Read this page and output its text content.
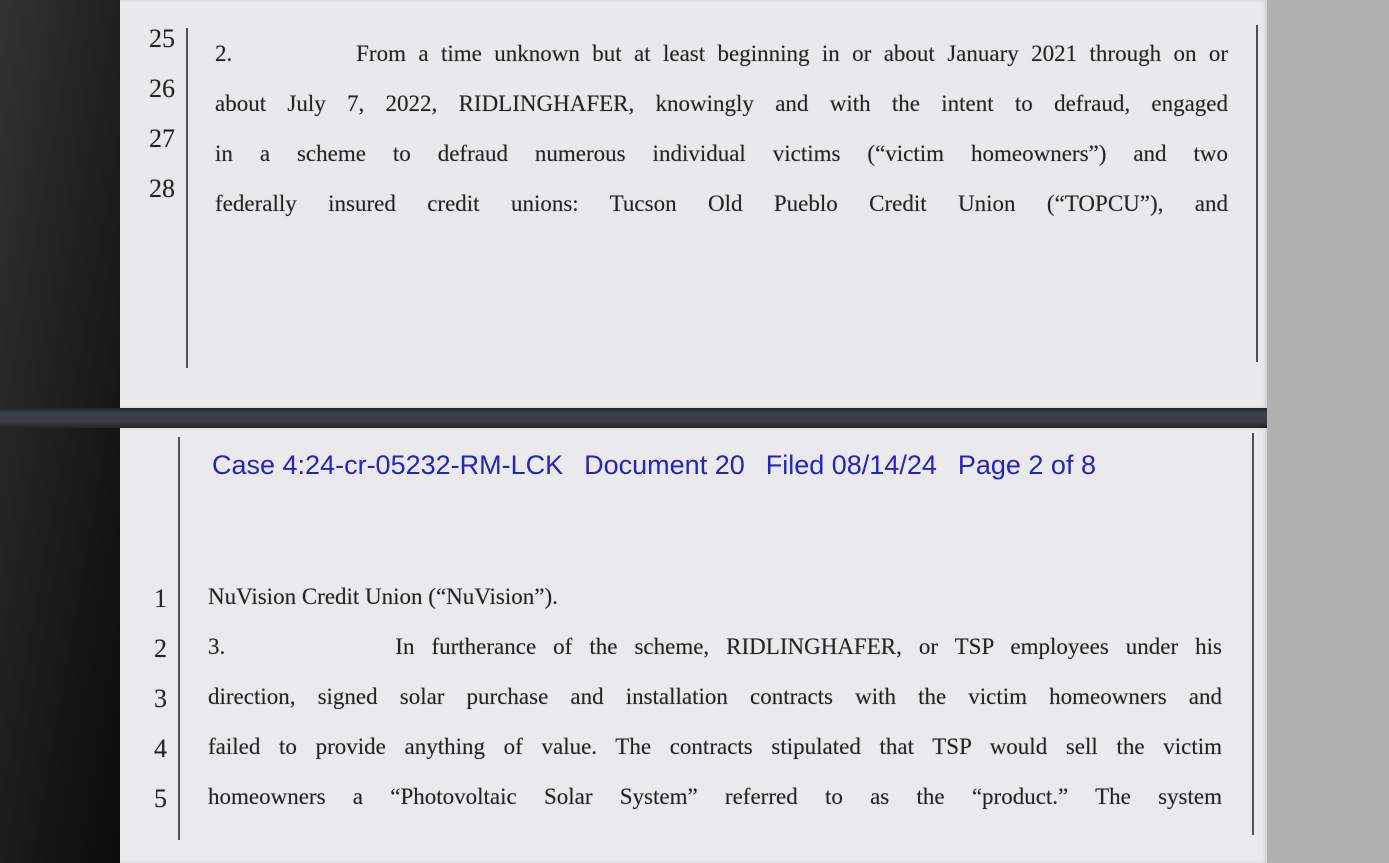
25
26
27
28
2.          From a time unknown but at least beginning in or about January 2021 through on or
about July 7, 2022, RIDLINGHAFER, knowingly and with the intent to defraud, engaged
in a scheme to defraud numerous individual victims (“victim homeowners”) and two
federally insured credit unions: Tucson Old Pueblo Credit Union (“TOPCU”), and
Case 4:24-cr-05232-RM-LCK Document 20 Filed 08/14/24 Page 2 of 8
1
2
3
4
5
NuVision Credit Union (“NuVision”).
3.          In furtherance of the scheme, RIDLINGHAFER, or TSP employees under his
direction, signed solar purchase and installation contracts with the victim homeowners and
failed to provide anything of value. The contracts stipulated that TSP would sell the victim
homeowners a “Photovoltaic Solar System” referred to as the “product.” The system
